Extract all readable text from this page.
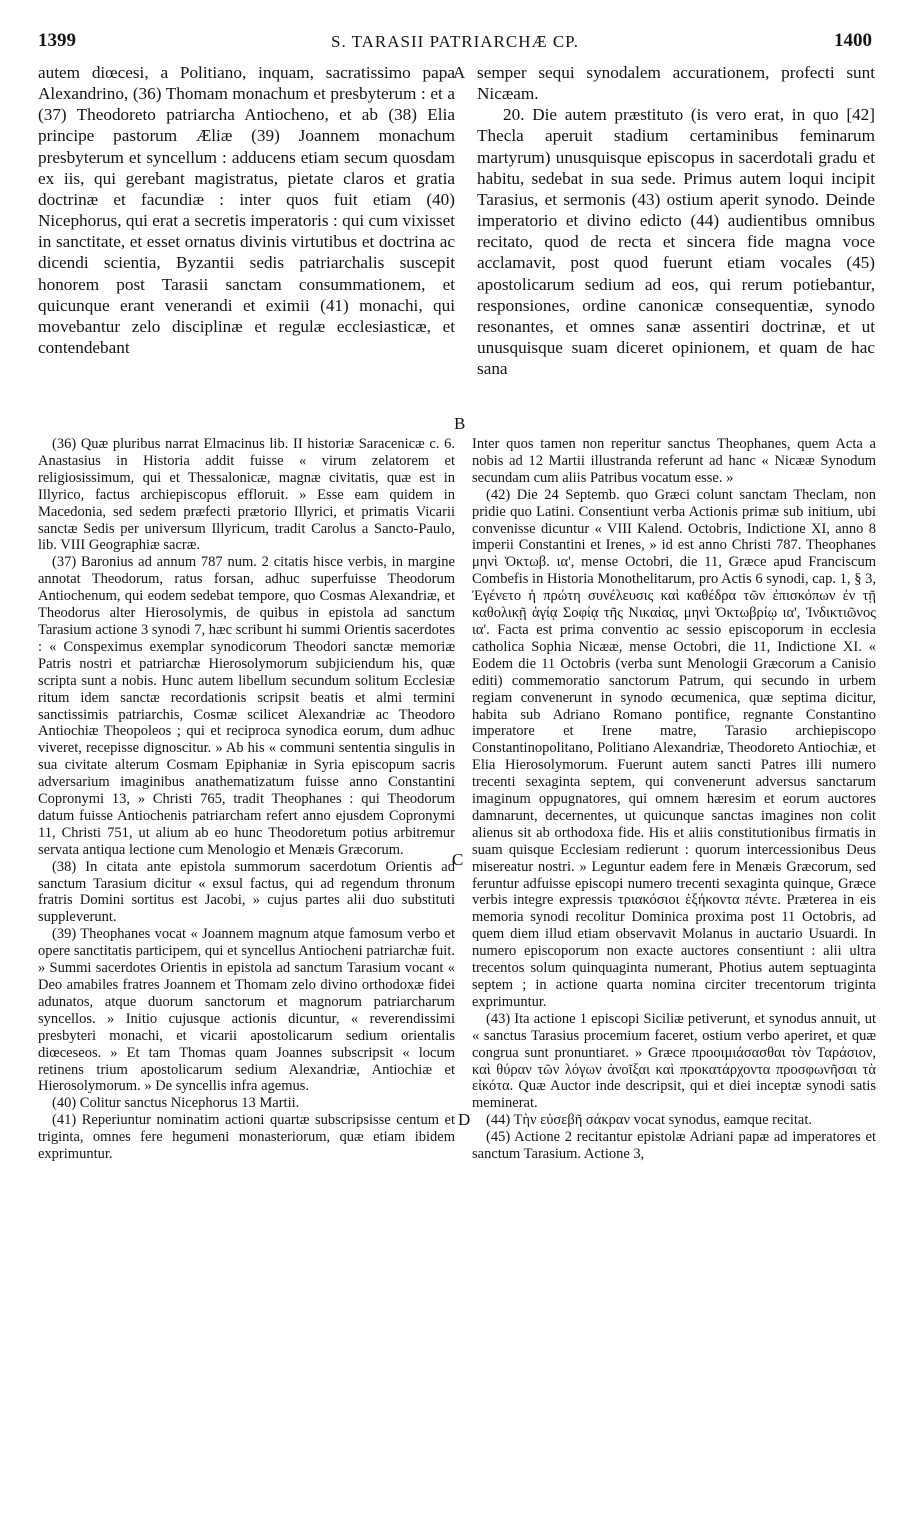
1399	S. TARASII PATRIARCHÆ CP.	1400

autem diœcesi, a Politiano, inquam, sacratissimo papa Alexandrino, (36) Thomam monachum et presbyterum : et a (37) Theodoreto patriarcha Antiocheno, et ab (38) Elia principe pastorum Æliæ (39) Joannem monachum presbyterum et syncellum : adducens etiam secum quosdam ex iis, qui gerebant magistratus, pietate claros et gratia doctrinæ et facundiæ : inter quos fuit etiam (40) Nicephorus, qui erat a secretis imperatoris : qui cum vixisset in sanctitate, et esset ornatus divinis virtutibus et doctrina ac dicendi scientia, Byzantii sedis patriarchalis suscepit honorem post Tarasii sanctam consummationem, et quicunque erant venerandi et eximii (41) monachi, qui movebantur zelo disciplinæ et regulæ ecclesiasticæ, et contendebant

semper sequi synodalem accurationem, profecti sunt Nicæam.

20. Die autem præstituto (is vero erat, in quo [42] Thecla aperuit stadium certaminibus feminarum martyrum) unusquisque episcopus in sacerdotali gradu et habitu, sedebat in sua sede. Primus autem loqui incipit Tarasius, et sermonis (43) ostium aperit synodo. Deinde imperatorio et divino edicto (44) audientibus omnibus recitato, quod de recta et sincera fide magna voce acclamavit, post quod fuerunt etiam vocales (45) apostolicarum sedium ad eos, qui rerum potiebantur, responsiones, ordine canonicæ consequentiæ, synodo resonantes, et omnes sanæ assentiri doctrinæ, et ut unusquisque suam diceret opinionem, et quam de hac sana

A
B
C
D

(36) Quæ pluribus narrat Elmacinus lib. II historiæ Saracenicæ c. 6. Anastasius in Historia addit fuisse « virum zelatorem et religiosissimum, qui et Thessalonicæ, magnæ civitatis, quæ est in Illyrico, factus archiepiscopus effloruit. » Esse eam quidem in Macedonia, sed sedem præfecti prætorio Illyrici, et primatis Vicarii sanctæ Sedis per universum Illyricum, tradit Carolus a Sancto-Paulo, lib. VIII Geographiæ sacræ.

(37) Baronius ad annum 787 num. 2 citatis hisce verbis, in margine annotat Theodorum, ratus forsan, adhuc superfuisse Theodorum Antiochenum, qui eodem sedebat tempore, quo Cosmas Alexandriæ, et Theodorus alter Hierosolymis, de quibus in epistola ad sanctum Tarasium actione 3 synodi 7, hæc scribunt hi summi Orientis sacerdotes : « Conspeximus exemplar synodicorum Theodori sanctæ memoriæ Patris nostri et patriarchæ Hierosolymorum subjiciendum his, quæ scripta sunt a nobis. Hunc autem libellum secundum solitum Ecclesiæ ritum idem sanctæ recordationis scripsit beatis et almi termini sanctissimis patriarchis, Cosmæ scilicet Alexandriæ ac Theodoro Antiochiæ Theopoleos ; qui et reciproca synodica eorum, dum adhuc viveret, recepisse dignoscitur. » Ab his « communi sententia singulis in sua civitate alterum Cosmam Epiphaniæ in Syria episcopum sacris adversarium imaginibus anathematizatum fuisse anno Constantini Copronymi 13, » Christi 765, tradit Theophanes : qui Theodorum datum fuisse Antiochenis patriarcham refert anno ejusdem Copronymi 11, Christi 751, ut alium ab eo hunc Theodoretum potius arbitremur servata antiqua lectione cum Menologio et Menæis Græcorum.

(38) In citata ante epistola summorum sacerdotum Orientis ad sanctum Tarasium dicitur « exsul factus, qui ad regendum thronum fratris Domini sortitus est Jacobi, » cujus partes alii duo substituti suppleverunt.

(39) Theophanes vocat « Joannem magnum atque famosum verbo et opere sanctitatis participem, qui et syncellus Antiocheni patriarchæ fuit. » Summi sacerdotes Orientis in epistola ad sanctum Tarasium vocant « Deo amabiles fratres Joannem et Thomam zelo divino orthodoxæ fidei adunatos, atque duorum sanctorum et magnorum patriarcharum syncellos. » Initio cujusque actionis dicuntur, « reverendissimi presbyteri monachi, et vicarii apostolicarum sedium orientalis diœceseos. » Et tam Thomas quam Joannes subscripsit « locum retinens trium apostolicarum sedium Alexandriæ, Antiochiæ et Hierosolymorum. » De syncellis infra agemus.

(40) Colitur sanctus Nicephorus 13 Martii.

(41) Reperiuntur nominatim actioni quartæ subscripsisse centum et triginta, omnes fere hegumeni monasteriorum, quæ etiam ibidem exprimuntur.

Inter quos tamen non reperitur sanctus Theophanes, quem Acta a nobis ad 12 Martii illustranda referunt ad hanc « Nicææ Synodum secundam cum aliis Patribus vocatum esse. »

(42) Die 24 Septemb. quo Græci colunt sanctam Theclam, non pridie quo Latini. Consentiunt verba Actionis primæ sub initium, ubi convenisse dicuntur « VIII Kalend. Octobris, Indictione XI, anno 8 imperii Constantini et Irenes, » id est anno Christi 787. Theophanes μηνὶ Ὀκτωβ. ια', mense Octobri, die 11, Græce apud Franciscum Combefis in Historia Monothelitarum, pro Actis 6 synodi, cap. 1, § 3, Ἐγένετο ἡ πρώτη συνέλευσις καὶ καθέδρα τῶν ἐπισκόπων ἐν τῇ καθολικῇ ἁγίᾳ Σοφίᾳ τῆς Νικαίας, μηνὶ Ὀκτωβρίῳ ια', Ἰνδικτιῶνος ια'. Facta est prima conventio ac sessio episcoporum in ecclesia catholica Sophia Nicææ, mense Octobri, die 11, Indictione XI. « Eodem die 11 Octobris (verba sunt Menologii Græcorum a Canisio editi) commemoratio sanctorum Patrum, qui secundo in urbem regiam convenerunt in synodo œcumenica, quæ septima dicitur, habita sub Adriano Romano pontifice, regnante Constantino imperatore et Irene matre, Tarasio archiepiscopo Constantinopolitano, Politiano Alexandriæ, Theodoreto Antiochiæ, et Elia Hierosolymorum. Fuerunt autem sancti Patres illi numero trecenti sexaginta septem, qui convenerunt adversus sanctarum imaginum oppugnatores, qui omnem hæresim et eorum auctores damnarunt, decernentes, ut quicunque sanctas imagines non colit alienus sit ab orthodoxa fide. His et aliis constitutionibus firmatis in suam quisque Ecclesiam redierunt : quorum intercessionibus Deus misereatur nostri. » Leguntur eadem fere in Menæis Græcorum, sed feruntur adfuisse episcopi numero trecenti sexaginta quinque, Græce verbis integre expressis τριακόσιοι ἑξήκοντα πέντε. Præterea in eis memoria synodi recolitur Dominica proxima post 11 Octobris, ad quem diem illud etiam observavit Molanus in auctario Usuardi. In numero episcoporum non exacte auctores consentiunt : alii ultra trecentos solum quinquaginta numerant, Photius autem septuaginta septem ; in actione quarta nomina circiter trecentorum triginta exprimuntur.

(43) Ita actione 1 episcopi Siciliæ petiverunt, et synodus annuit, ut « sanctus Tarasius procemium faceret, ostium verbo aperiret, et quæ congrua sunt pronuntiaret. » Græce προοιμιάσασθαι τὸν Ταράσιον, καὶ θύραν τῶν λόγων ἀνοῖξαι καὶ προκατάρχοντα προσφωνῆσαι τὰ εἰκότα. Quæ Auctor inde descripsit, qui et diei inceptæ synodi satis meminerat.

(44) Τὴν εὐσεβῆ σάκραν vocat synodus, eamque recitat.

(45) Actione 2 recitantur epistolæ Adriani papæ ad imperatores et sanctum Tarasium. Actione 3,
